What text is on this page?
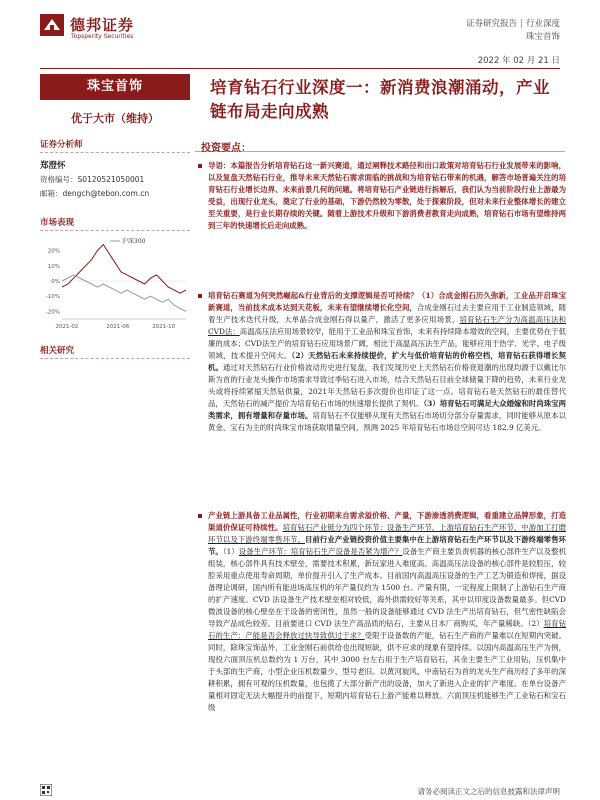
德邦证券
Topsperity Securities
证券研究报告 | 行业深度
珠宝首饰
2022 年 02 月 21 日
珠宝首饰
优于大市（维持）
证券分析师
郑澄怀
资格编号：S0120521050001
邮箱：dengch@tebon.com.cn
市场表现
20%
10%
0%
-10%
-20%
2021-02	2021-06	2021-10
沪深300
相关研究
培育钻石行业深度一：新消费浪潮涌动，产业链布局走向成熟
投资要点：
导语：本篇报告分析培育钻石这一新兴赛道，通过阐释技术路径和出口政策对培育钻石行业发展带来的影响，以及复盘天然钻石行业，推导未来天然钻石需求面临的挑战和为培育钻石带来的机遇，解答市场普遍关注的培育钻石行业增长边界、未来前景几何的问题。将培育钻石产业链进行拆解后，我们认为当前阶段行业上游最为受益，出现行业龙头，奠定了行业的基础，下游仍然较为零散，处于探索阶段，但对未来行业整体增长的建立至关重要，是行业长期存续的关键。随着上游技术升级和下游消费者教育走向成熟，培育钻石市场有望维持两到三年的快速增长后走向成熟。
培育钻石赛道为何突然崛起&行业背后的支撑逻辑是否可持续？（1）合成金刚石历久弥新，工业品开启珠宝新赛道，当前技术成本达到天花板，未来有望继续增长化空间，合成金刚石过去主要应用于工业制造领域，随着生产技术迭代升级，大单晶合成金刚石得以量产，激活了更多应用场景。培育钻石生产分为高温高压法和CVD法：高温高压法应用场景较窄，能用于工业品和珠宝首饰，未来有持续降本增效的空间，主要优势在于低廉的成本；CVD法生产的培育钻石应用场景广阔，相比于高温高压法生产品，能够应用于热学、光学、电子级领域，技术提升空间大。（2）天然钻石未来持续提价，扩大与低价培育钻的价格空档，培育钻石获得增长契机。通过对天然钻石行业价格波动历史进行复盘，我们发现历史上天然钻石价格衰退潮的出现均源于以戴比尔斯为首的行业龙头操作市场需求导致过季钻石进入市场，结合天然钻石目前全球储量下降的趋势，未来行业龙头或将持续紧缩天然钻供量，2021年天然钻石多次提价也印证了这一点。培育钻石是天然钻石的最佳替代品，天然钻石的减产提价为培育钻石市场的快速增长提供了契机。（3）培育钻石可满足大众婚嫁和时尚珠宝两类需求，拥有增量和存量市场。培育钻石不仅能够从现有天然钻石市场切分部分存量需求，同时能够从原本以黄金、宝石为主的时尚珠宝市场获取增量空间，预测 2025 年培育钻石市场总空间可达 182.9 亿美元。
产业链上游具备工业品属性，行业初期来自需求溢价格、产量，下游渗透消费逻辑，看重建立品牌形象，打造渠道价保证可持续性。培育钻石产业链分为四个环节：设备生产环节，上游培育钻石生产环节、中游加工打磨环节以及下游终端零售环节。目前行业产业链投资价值主要集中在上游培育钻石生产环节以及下游终端零售环节。（1）设备生产环节：培育钻石生产设备是否紧为增产？设备生产商主要负责机器的核心部件生产以及整机组装，核心部件具有技术壁垒，需要技术积累，新玩家进入难度高。高温高压法设备的核心部件是较腔压，较腔采用重点使用寿命周期，单价提升引入了生产成本。目前国内高温高压设备的生产工艺为锻造和焊接，据设备理论调研，国内所有能进场高压机的年产量仅约为 1500 台。产量有限，一定程度上限制了上游钻石生产商的扩产速度。CVD 法设备生产技术壁垒相对较低，海外供需较好等关系，其中以印度设备数量最多。但CVD 微波设备的核心壁垒在于设备的密闭性，虽然一般的设备能够通过 CVD 法生产出培育钻石，但气密性缺陷会导致产品成色较差。目前要进口 CVD 法生产高品质的钻石，主要从日本厂商购买，年产量稀缺。（2）培育钻石的生产：产能是否会释放过快导致供过于求？受限于设备数的产能，钻石生产商的产量难以在短期内突破。同时，除珠宝饰品外，工业金刚石前供给也出现短缺，供不应求的现象有望持续。以国内高温高压生产为例，现投六面顶压机总数约为 1 万台，其中 3000 台左右用于生产培育钻石，其余主要生产工业用钻，压机集中于头部的生产商，小型企业压机数量少、型号老旧。以黄河旋风、中南钻石为首的龙头生产商历经了多年的深耕积累，拥有可观的压机数量，也包揽了大部分新产出的设备，加大了新进入企业的扩产难度。在单台设备产量相对固定无法大幅提升的前提下，短期内培育钻石上游产能难以释放。六面顶压机能够生产工业钻石和宝石级
请务必阅读正文之后的信息披露和法律声明
